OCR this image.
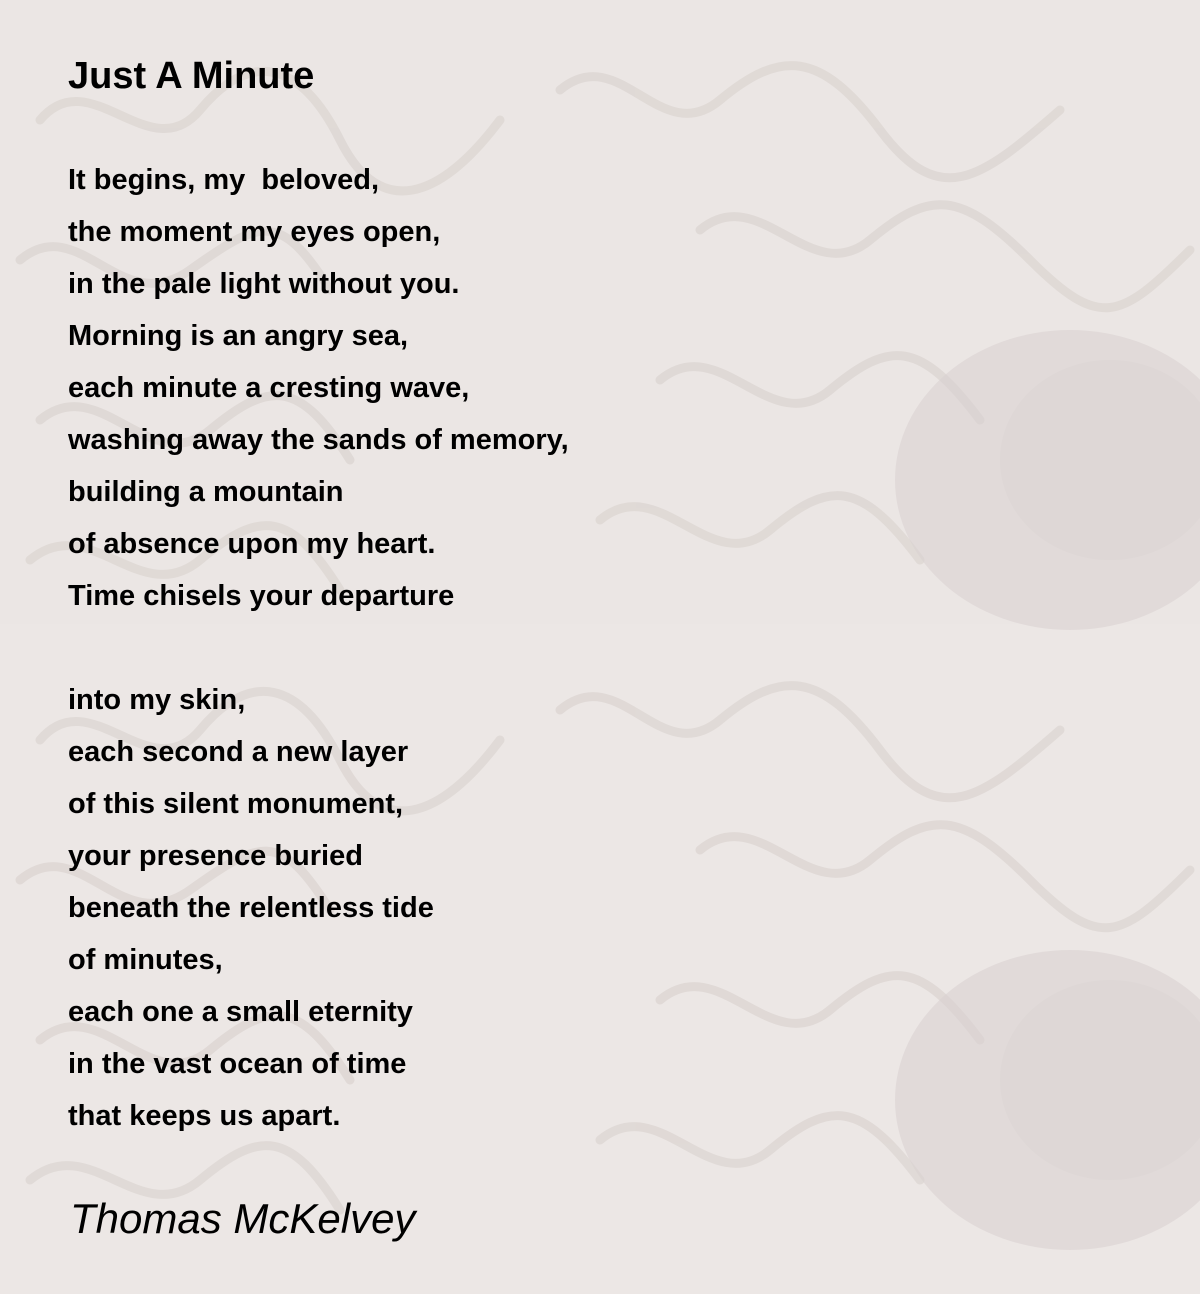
Just A Minute
It begins, my  beloved,
the moment my eyes open,
in the pale light without you.
Morning is an angry sea,
each minute a cresting wave,
washing away the sands of memory,
building a mountain
of absence upon my heart.
Time chisels your departure
into my skin,
each second a new layer
of this silent monument,
your presence buried
beneath the relentless tide
of minutes,
each one a small eternity
in the vast ocean of time
that keeps us apart.

Thomas McKelvey
